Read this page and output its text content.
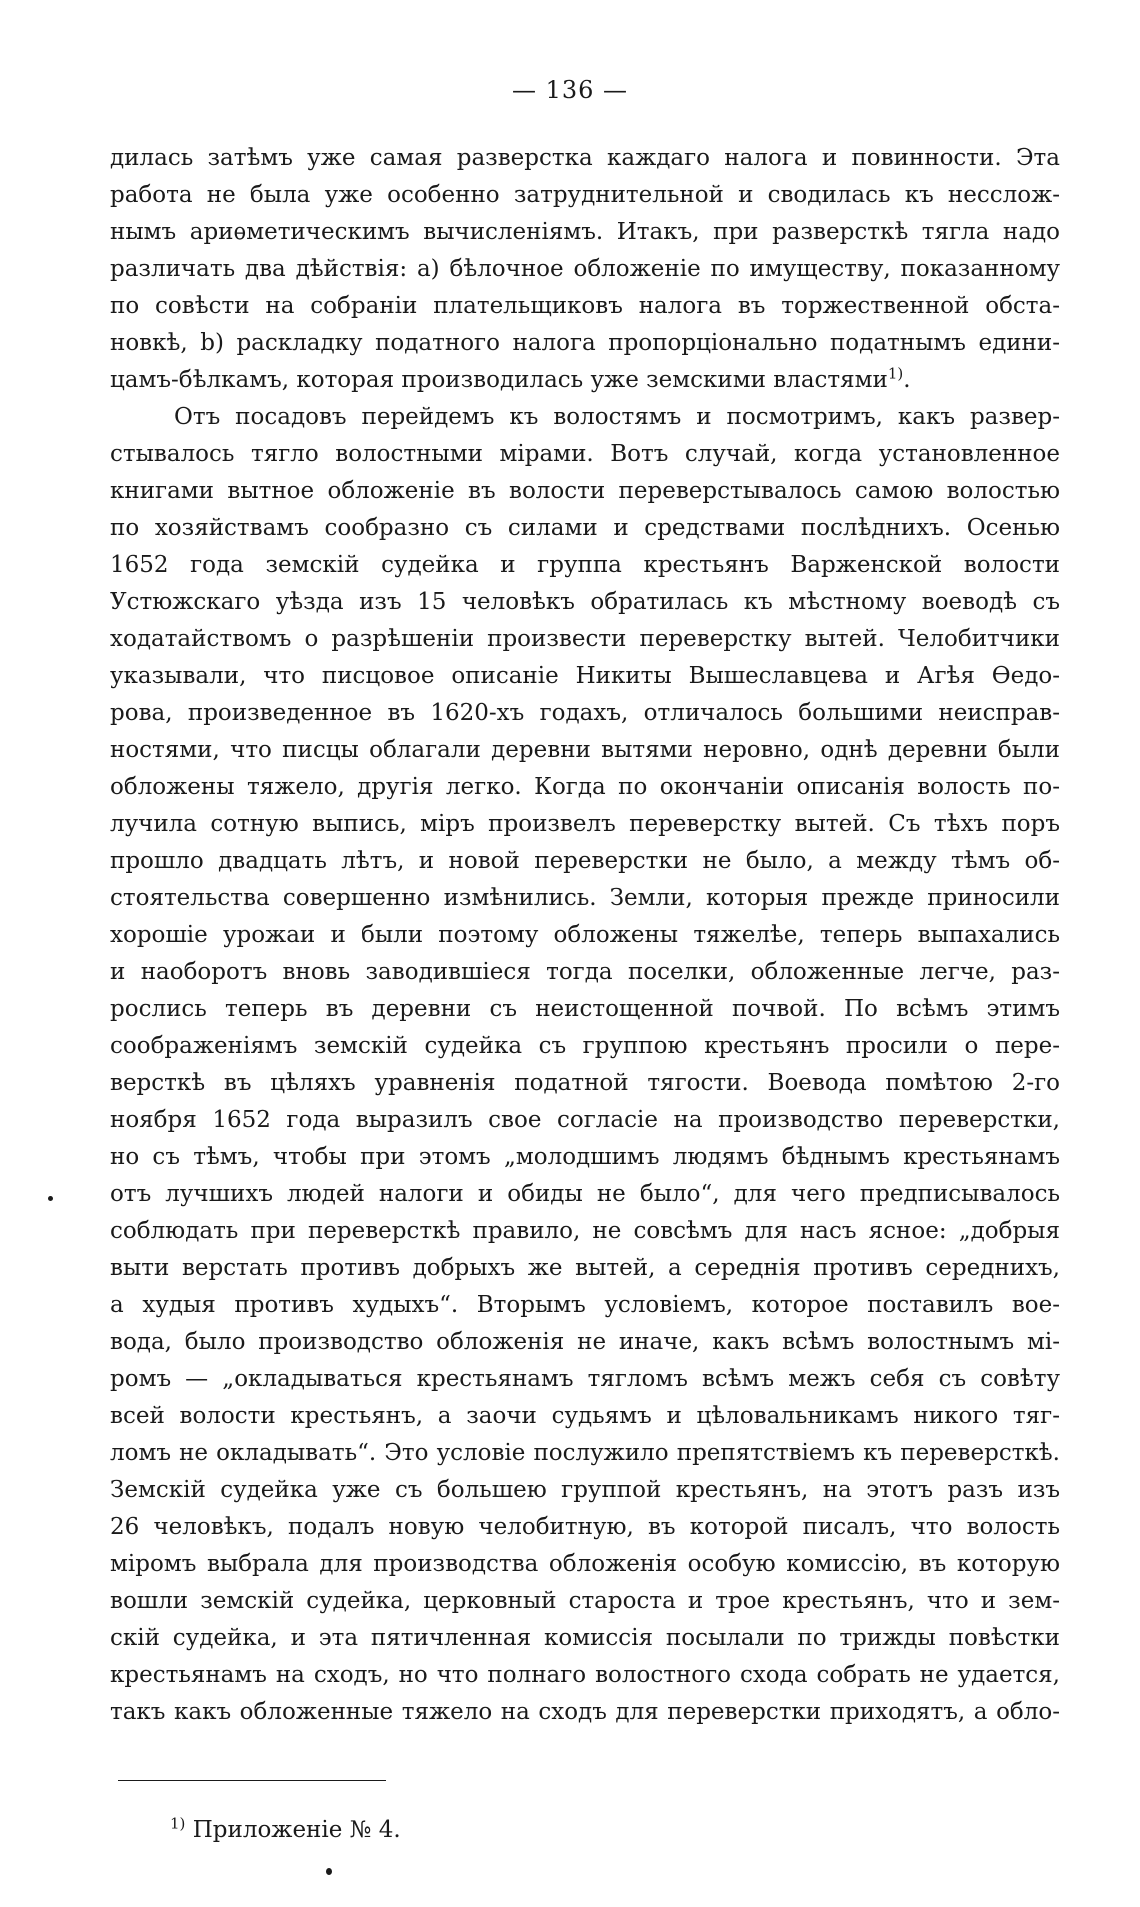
— 136 —
дилась затѣмъ уже самая разверстка каждаго налога и повинности. Эта
работа не была уже особенно затруднительной и сводилась къ несслож-
нымъ ариѳметическимъ вычисленіямъ. Итакъ, при разверсткѣ тягла надо
различать два дѣйствія: а) бѣлочное обложеніе по имуществу, показанному
по совѣсти на собраніи плательщиковъ налога въ торжественной обста-
новкѣ, b) раскладку податного налога пропорціонально податнымъ едини-
цамъ-бѣлкамъ, которая производилась уже земскими властями$^{1)}$.
Отъ посадовъ перейдемъ къ волостямъ и посмотримъ, какъ развер-
стывалось тягло волостными мірами. Вотъ случай, когда установленное
книгами вытное обложеніе въ волости переверстывалось самою волостью
по хозяйствамъ сообразно съ силами и средствами послѣднихъ. Осенью
1652 года земскій судейка и группа крестьянъ Варженской волости
Устюжскаго уѣзда изъ 15 человѣкъ обратилась къ мѣстному воеводѣ съ
ходатайствомъ о разрѣшеніи произвести переверстку вытей. Челобитчики
указывали, что писцовое описаніе Никиты Вышеславцева и Агѣя Ѳедо-
рова, произведенное въ 1620-хъ годахъ, отличалось большими неисправ-
ностями, что писцы облагали деревни вытями неровно, однѣ деревни были
обложены тяжело, другія легко. Когда по окончаніи описанія волость по-
лучила сотную выпись, міръ произвелъ переверстку вытей. Съ тѣхъ поръ
прошло двадцать лѣтъ, и новой переверстки не было, а между тѣмъ об-
стоятельства совершенно измѣнились. Земли, которыя прежде приносили
хорошіе урожаи и были поэтому обложены тяжелѣе, теперь выпахались
и наоборотъ вновь заводившіеся тогда поселки, обложенные легче, раз-
рослись теперь въ деревни съ неистощенной почвой. По всѣмъ этимъ
соображеніямъ земскій судейка съ группою крестьянъ просили о пере-
версткѣ въ цѣляхъ уравненія податной тягости. Воевода помѣтою 2-го
ноября 1652 года выразилъ свое согласіе на производство переверстки,
но съ тѣмъ, чтобы при этомъ „молодшимъ людямъ бѣднымъ крестьянамъ
отъ лучшихъ людей налоги и обиды не было“, для чего предписывалось
соблюдать при переверсткѣ правило, не совсѣмъ для насъ ясное: „добрыя
выти верстать противъ добрыхъ же вытей, а середнія противъ середнихъ,
а худыя противъ худыхъ“. Вторымъ условіемъ, которое поставилъ вое-
вода, было производство обложенія не иначе, какъ всѣмъ волостнымъ мі-
ромъ — „окладываться крестьянамъ тягломъ всѣмъ межъ себя съ совѣту
всей волости крестьянъ, а заочи судьямъ и цѣловальникамъ никого тяг-
ломъ не окладывать“. Это условіе послужило препятствіемъ къ переверсткѣ.
Земскій судейка уже съ большею группой крестьянъ, на этотъ разъ изъ
26 человѣкъ, подалъ новую челобитную, въ которой писалъ, что волость
міромъ выбрала для производства обложенія особую комиссію, въ которую
вошли земскій судейка, церковный староста и трое крестьянъ, что и зем-
скій судейка, и эта пятичленная комиссія посылали по трижды повѣстки
крестьянамъ на сходъ, но что полнаго волостного схода собрать не удается,
такъ какъ обложенные тяжело на сходъ для переверстки приходятъ, а обло-
$^{1)}$ Приложеніе № 4.
